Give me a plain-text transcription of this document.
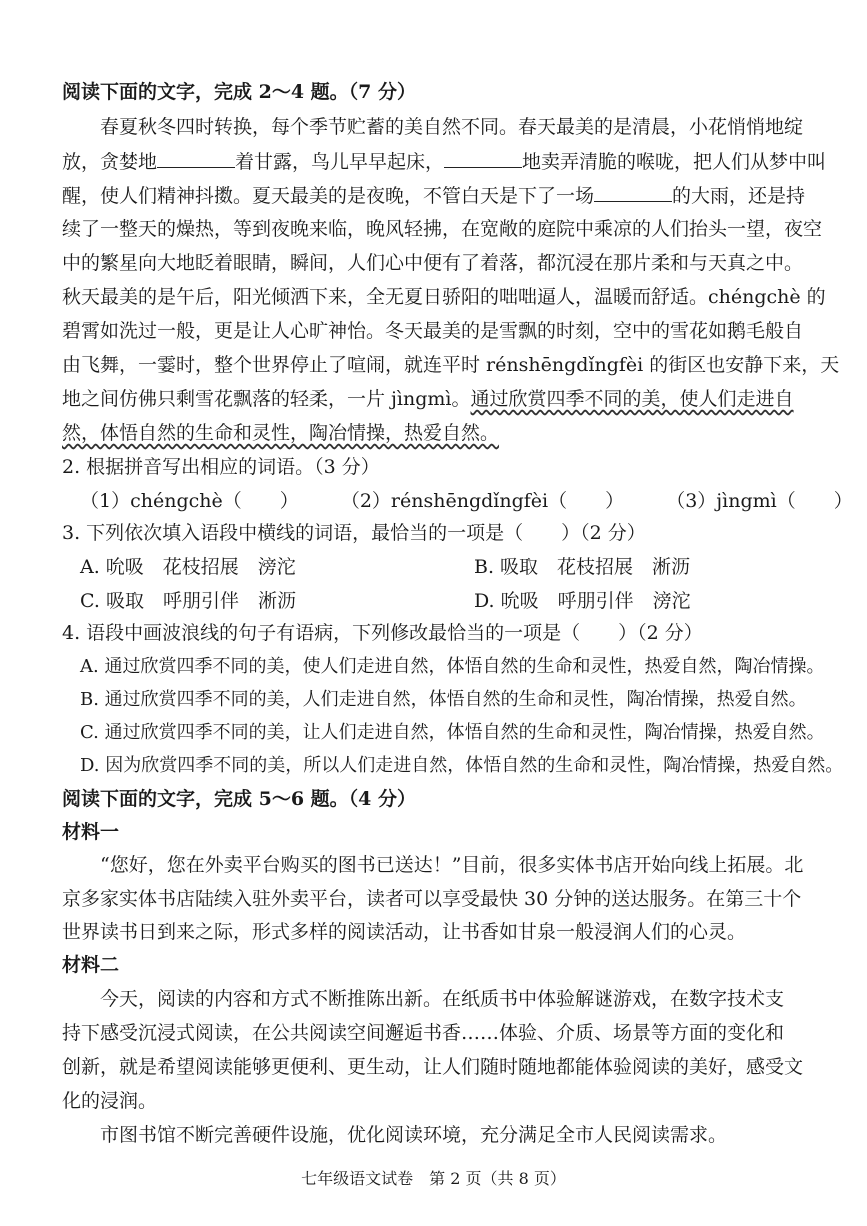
阅读下面的文字，完成 2～4 题。（7 分）
春夏秋冬四时转换，每个季节贮蓄的美自然不同。春天最美的是清晨，小花悄悄地绽
放，贪婪地	着甘露，鸟儿早早起床，	地卖弄清脆的喉咙，把人们从梦中叫
醒，使人们精神抖擞。夏天最美的是夜晚，不管白天是下了一场	的大雨，还是持
续了一整天的燥热，等到夜晚来临，晚风轻拂，在宽敞的庭院中乘凉的人们抬头一望，夜空
中的繁星向大地眨着眼睛，瞬间，人们心中便有了着落，都沉浸在那片柔和与天真之中。
秋天最美的是午后，阳光倾洒下来，全无夏日骄阳的咄咄逼人，温暖而舒适。chéngchè 的
碧霄如洗过一般，更是让人心旷神怡。冬天最美的是雪飘的时刻，空中的雪花如鹅毛般自
由飞舞，一霎时，整个世界停止了喧闹，就连平时 rénshēngdǐngfèi 的街区也安静下来，天
地之间仿佛只剩雪花飘落的轻柔，一片 jìngmì。通过欣赏四季不同的美，使人们走进自
然，体悟自然的生命和灵性，陶冶情操，热爱自然。
2. 根据拼音写出相应的词语。（3 分）
（1）chéngchè（　　） （2）rénshēngdǐngfèi（　　） （3）jìngmì（　　）
3. 下列依次填入语段中横线的词语，最恰当的一项是（　　）（2 分）
A. 吮吸　花枝招展　滂沱	B. 吸取　花枝招展　淅沥
C. 吸取　呼朋引伴　淅沥	D. 吮吸　呼朋引伴　滂沱
4. 语段中画波浪线的句子有语病，下列修改最恰当的一项是（　　）（2 分）
A. 通过欣赏四季不同的美，使人们走进自然，体悟自然的生命和灵性，热爱自然，陶冶情操。
B. 通过欣赏四季不同的美，人们走进自然，体悟自然的生命和灵性，陶冶情操，热爱自然。
C. 通过欣赏四季不同的美，让人们走进自然，体悟自然的生命和灵性，陶冶情操，热爱自然。
D. 因为欣赏四季不同的美，所以人们走进自然，体悟自然的生命和灵性，陶冶情操，热爱自然。
阅读下面的文字，完成 5～6 题。（4 分）
材料一
“您好，您在外卖平台购买的图书已送达！”目前，很多实体书店开始向线上拓展。北
京多家实体书店陆续入驻外卖平台，读者可以享受最快 30 分钟的送达服务。在第三十个
世界读书日到来之际，形式多样的阅读活动，让书香如甘泉一般浸润人们的心灵。
材料二
今天，阅读的内容和方式不断推陈出新。在纸质书中体验解谜游戏，在数字技术支
持下感受沉浸式阅读，在公共阅读空间邂逅书香……体验、介质、场景等方面的变化和
创新，就是希望阅读能够更便利、更生动，让人们随时随地都能体验阅读的美好，感受文
化的浸润。
市图书馆不断完善硬件设施，优化阅读环境，充分满足全市人民阅读需求。
七年级语文试卷　第 2 页（共 8 页）
